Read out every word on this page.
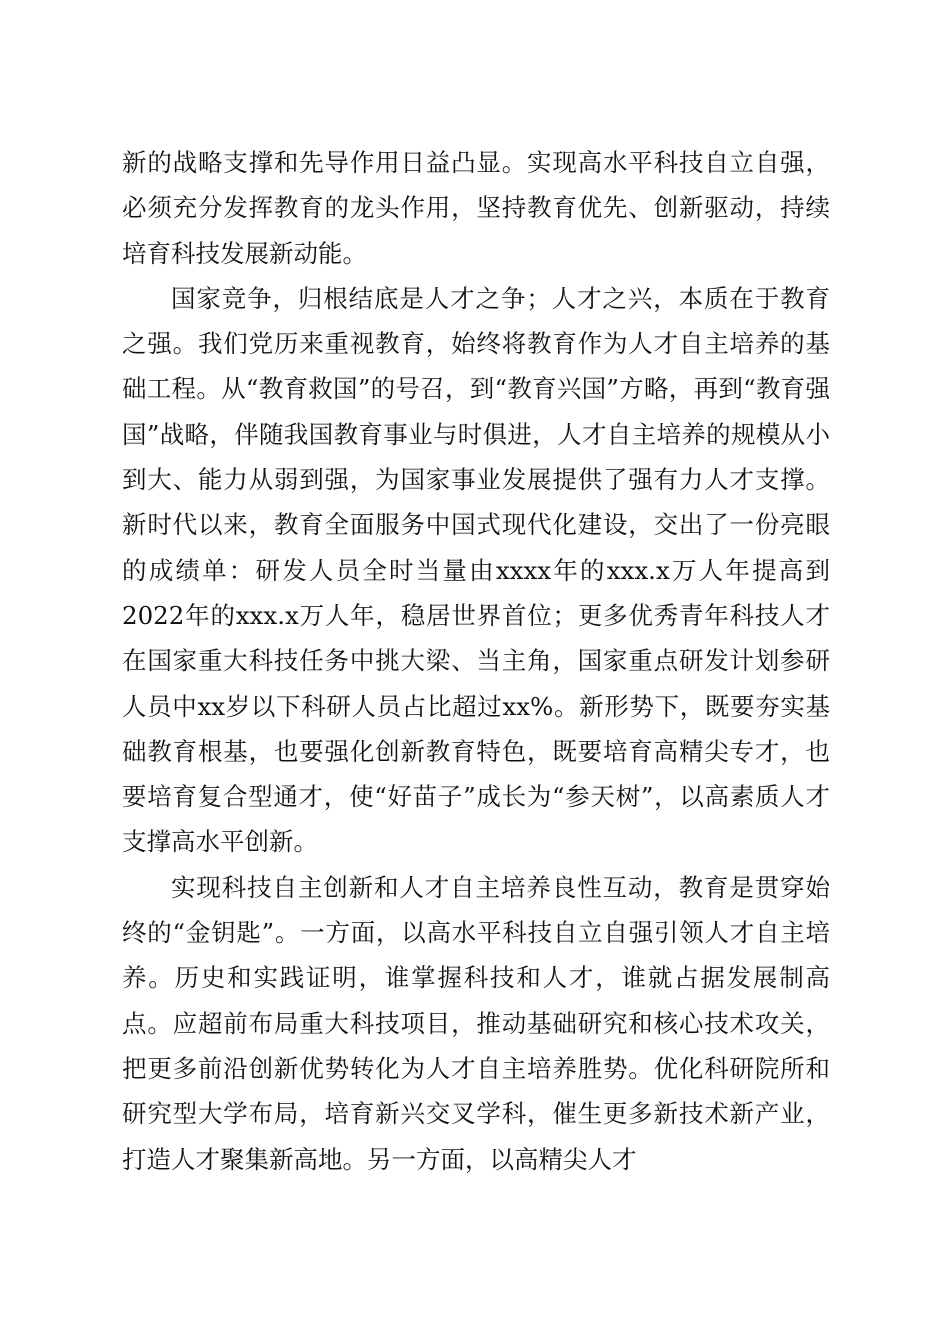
新的战略支撑和先导作用日益凸显。实现高水平科技自立自强，必须充分发挥教育的龙头作用，坚持教育优先、创新驱动，持续培育科技发展新动能。

国家竞争，归根结底是人才之争；人才之兴，本质在于教育之强。我们党历来重视教育，始终将教育作为人才自主培养的基础工程。从“教育救国”的号召，到“教育兴国”方略，再到“教育强国”战略，伴随我国教育事业与时俱进，人才自主培养的规模从小到大、能力从弱到强，为国家事业发展提供了强有力人才支撑。新时代以来，教育全面服务中国式现代化建设，交出了一份亮眼的成绩单：研发人员全时当量由xxxx年的xxx.x万人年提高到2022年的xxx.x万人年，稳居世界首位；更多优秀青年科技人才在国家重大科技任务中挑大梁、当主角，国家重点研发计划参研人员中xx岁以下科研人员占比超过xx%。新形势下，既要夯实基础教育根基，也要强化创新教育特色，既要培育高精尖专才，也要培育复合型通才，使“好苗子”成长为“参天树”，以高素质人才支撑高水平创新。

实现科技自主创新和人才自主培养良性互动，教育是贯穿始终的“金钥匙”。一方面，以高水平科技自立自强引领人才自主培养。历史和实践证明，谁掌握科技和人才，谁就占据发展制高点。应超前布局重大科技项目，推动基础研究和核心技术攻关，把更多前沿创新优势转化为人才自主培养胜势。优化科研院所和研究型大学布局，培育新兴交叉学科，催生更多新技术新产业，打造人才聚集新高地。另一方面，以高精尖人才
